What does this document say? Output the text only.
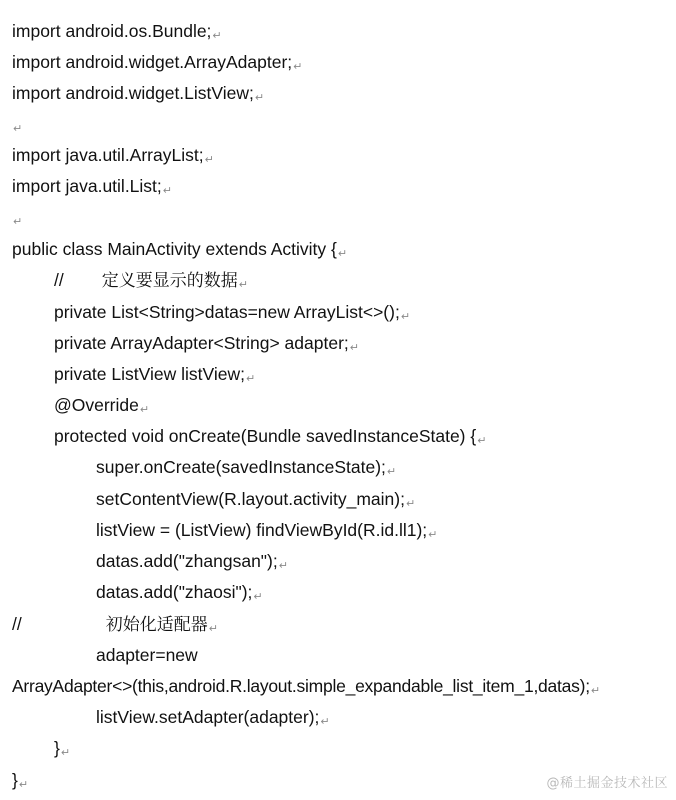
import android.os.Bundle;↵
import android.widget.ArrayAdapter;↵
import android.widget.ListView;↵
↵
import java.util.ArrayList;↵
import java.util.List;↵
↵
public class MainActivity extends Activity {↵
// 定义要显示的数据↵
private List<String>datas=new ArrayList<>();↵
private ArrayAdapter<String> adapter;↵
private ListView listView;↵
@Override↵
protected void onCreate(Bundle savedInstanceState) {↵
super.onCreate(savedInstanceState);↵
setContentView(R.layout.activity_main);↵
listView = (ListView) findViewById(R.id.ll1);↵
datas.add("zhangsan");↵
datas.add("zhaosi");↵
//	初始化适配器↵
adapter=new
ArrayAdapter<>(this,android.R.layout.simple_expandable_list_item_1,datas);↵
listView.setAdapter(adapter);↵
}↵
}↵	@稀土掘金技术社区
